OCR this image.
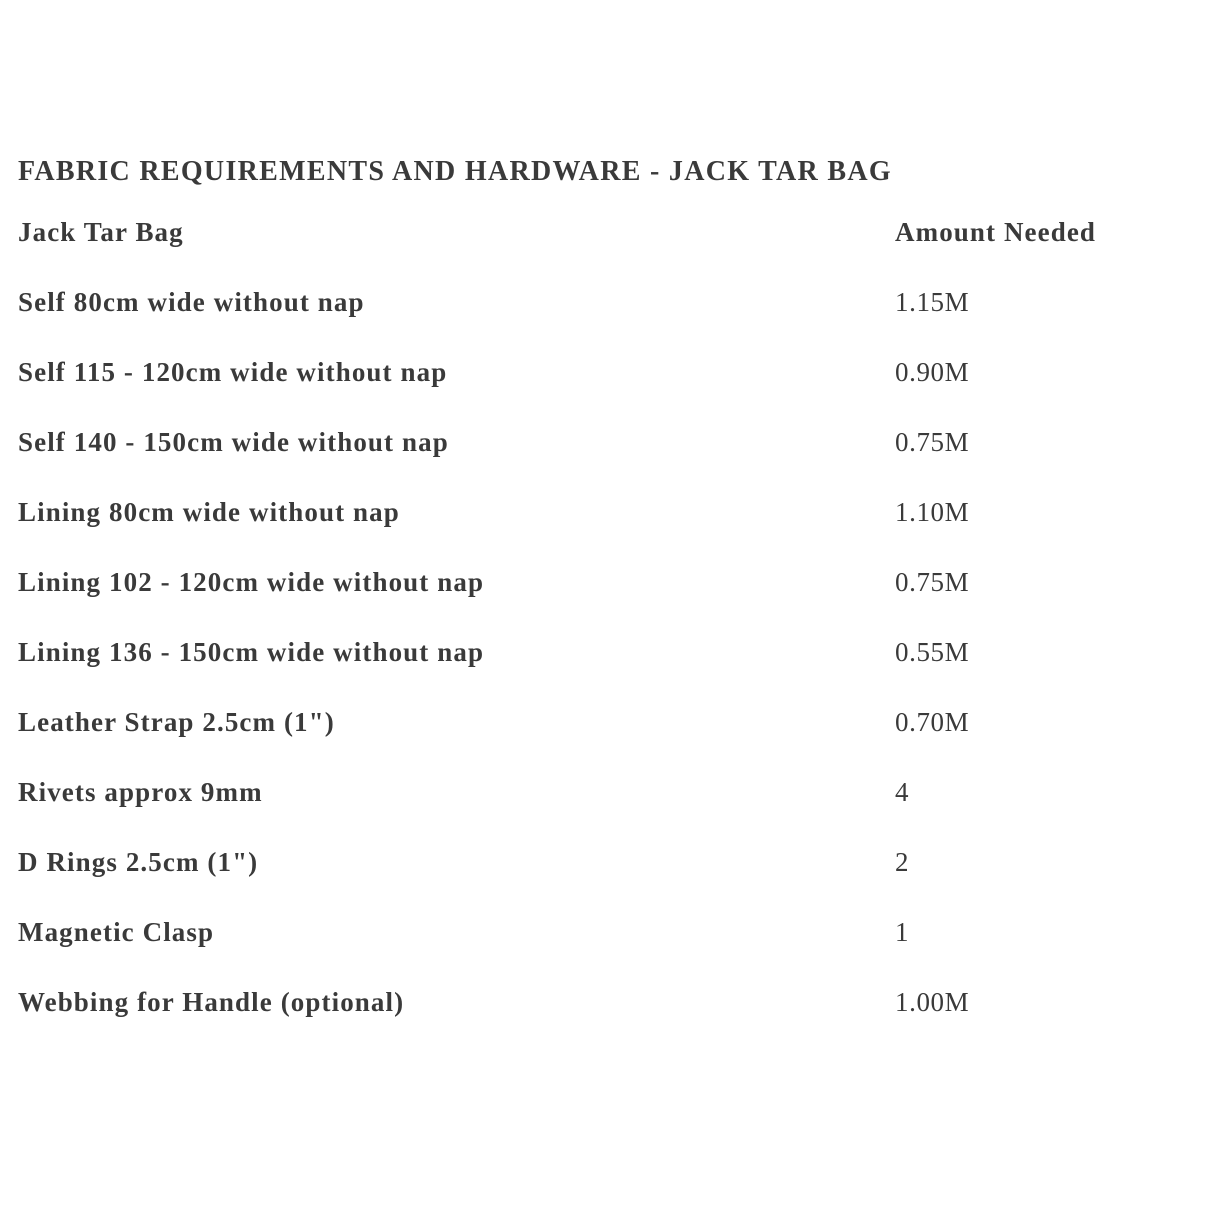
FABRIC REQUIREMENTS AND HARDWARE - JACK TAR BAG
Jack Tar Bag	Amount Needed
Self 80cm wide without nap	1.15M
Self 115 - 120cm wide without nap	0.90M
Self 140 - 150cm wide without nap	0.75M
Lining 80cm wide without nap	1.10M
Lining 102 - 120cm wide without nap	0.75M
Lining 136 - 150cm wide without nap	0.55M
Leather Strap 2.5cm (1")	0.70M
Rivets approx 9mm	4
D Rings 2.5cm (1")	2
Magnetic Clasp	1
Webbing for Handle (optional)	1.00M
